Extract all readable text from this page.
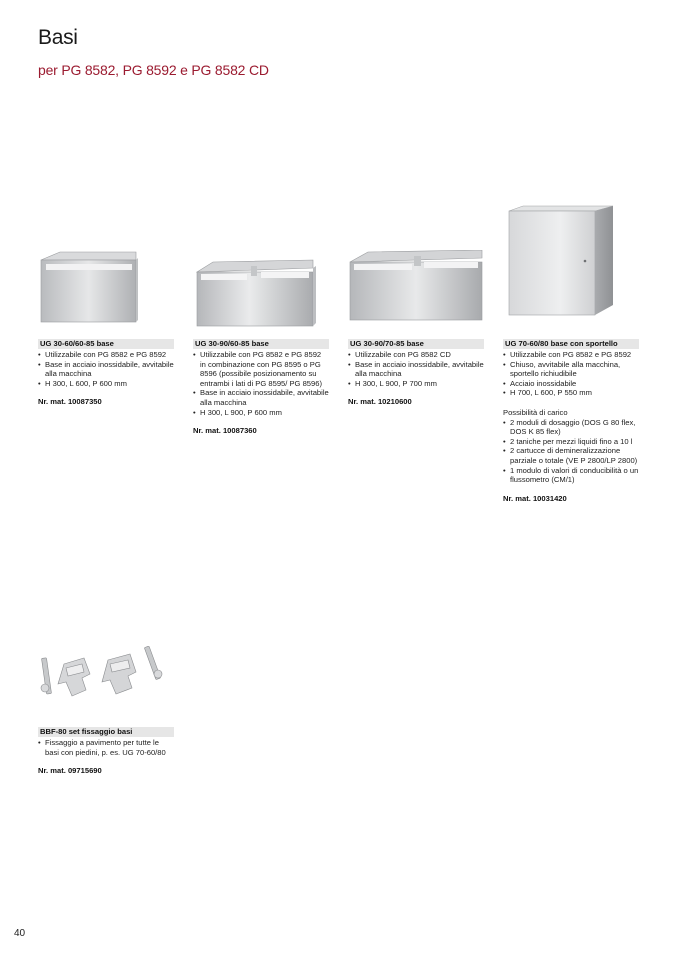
Basi
per PG 8582, PG 8592 e PG 8582 CD
UG 30-60/60-85 base
• Utilizzabile con PG 8582 e PG 8592
• Base in acciaio inossidabile, avvitabile alla macchina
• H 300, L 600, P 600 mm
Nr. mat. 10087350
UG 30-90/60-85 base
• Utilizzabile con PG 8582 e PG 8592 in combinazione con PG 8595 o PG 8596 (possibile posizionamento su entrambi i lati di PG 8595/ PG 8596)
• Base in acciaio inossidabile, avvitabile alla macchina
• H 300, L 900, P 600 mm
Nr. mat. 10087360
UG 30-90/70-85 base
• Utilizzabile con PG 8582 CD
• Base in acciaio inossidabile, avvitabile alla macchina
• H 300, L 900, P 700 mm
Nr. mat. 10210600
UG 70-60/80 base con sportello
• Utilizzabile con PG 8582 e PG 8592
• Chiuso, avvitabile alla macchina, sportello richiudibile
• Acciaio inossidabile
• H 700, L 600, P 550 mm
Possibilità di carico
• 2 moduli di dosaggio (DOS G 80 flex, DOS K 85 flex)
• 2 taniche per mezzi liquidi fino a 10 l
• 2 cartucce di demineralizzazione parziale o totale (VE P 2800/LP 2800)
• 1 modulo di valori di conducibilità o un flussometro (CM/1)
Nr. mat. 10031420
BBF-80 set fissaggio basi
• Fissaggio a pavimento per tutte le basi con piedini, p. es. UG 70-60/80
Nr. mat. 09715690
40
